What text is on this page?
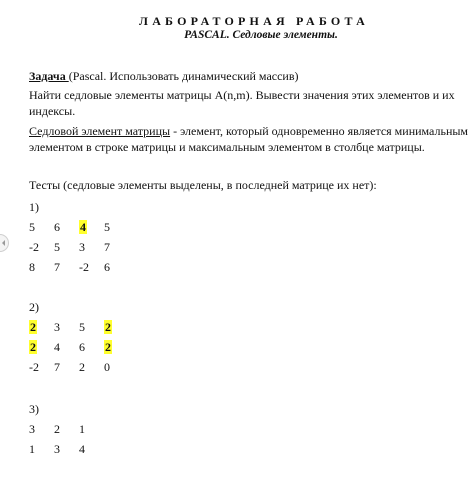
ЛАБОРАТОРНАЯ РАБОТА
PASCAL. Седловые элементы.
Задача (Pascal. Использовать динамический массив)
Найти седловые элементы матрицы A(n,m). Вывести значения этих элементов и их индексы.
Седловой элемент матрицы - элемент, который одновременно является минимальным элементом в строке матрицы и максимальным элементом в столбце матрицы.
Тесты (седловые элементы выделены, в последней матрице их нет):
1)
5	6	4	5
-2	5	3	7
8	7	-2	6
2)
2	3	5	2
2	4	6	2
-2	7	2	0
3)
3	2	1
1	3	4
